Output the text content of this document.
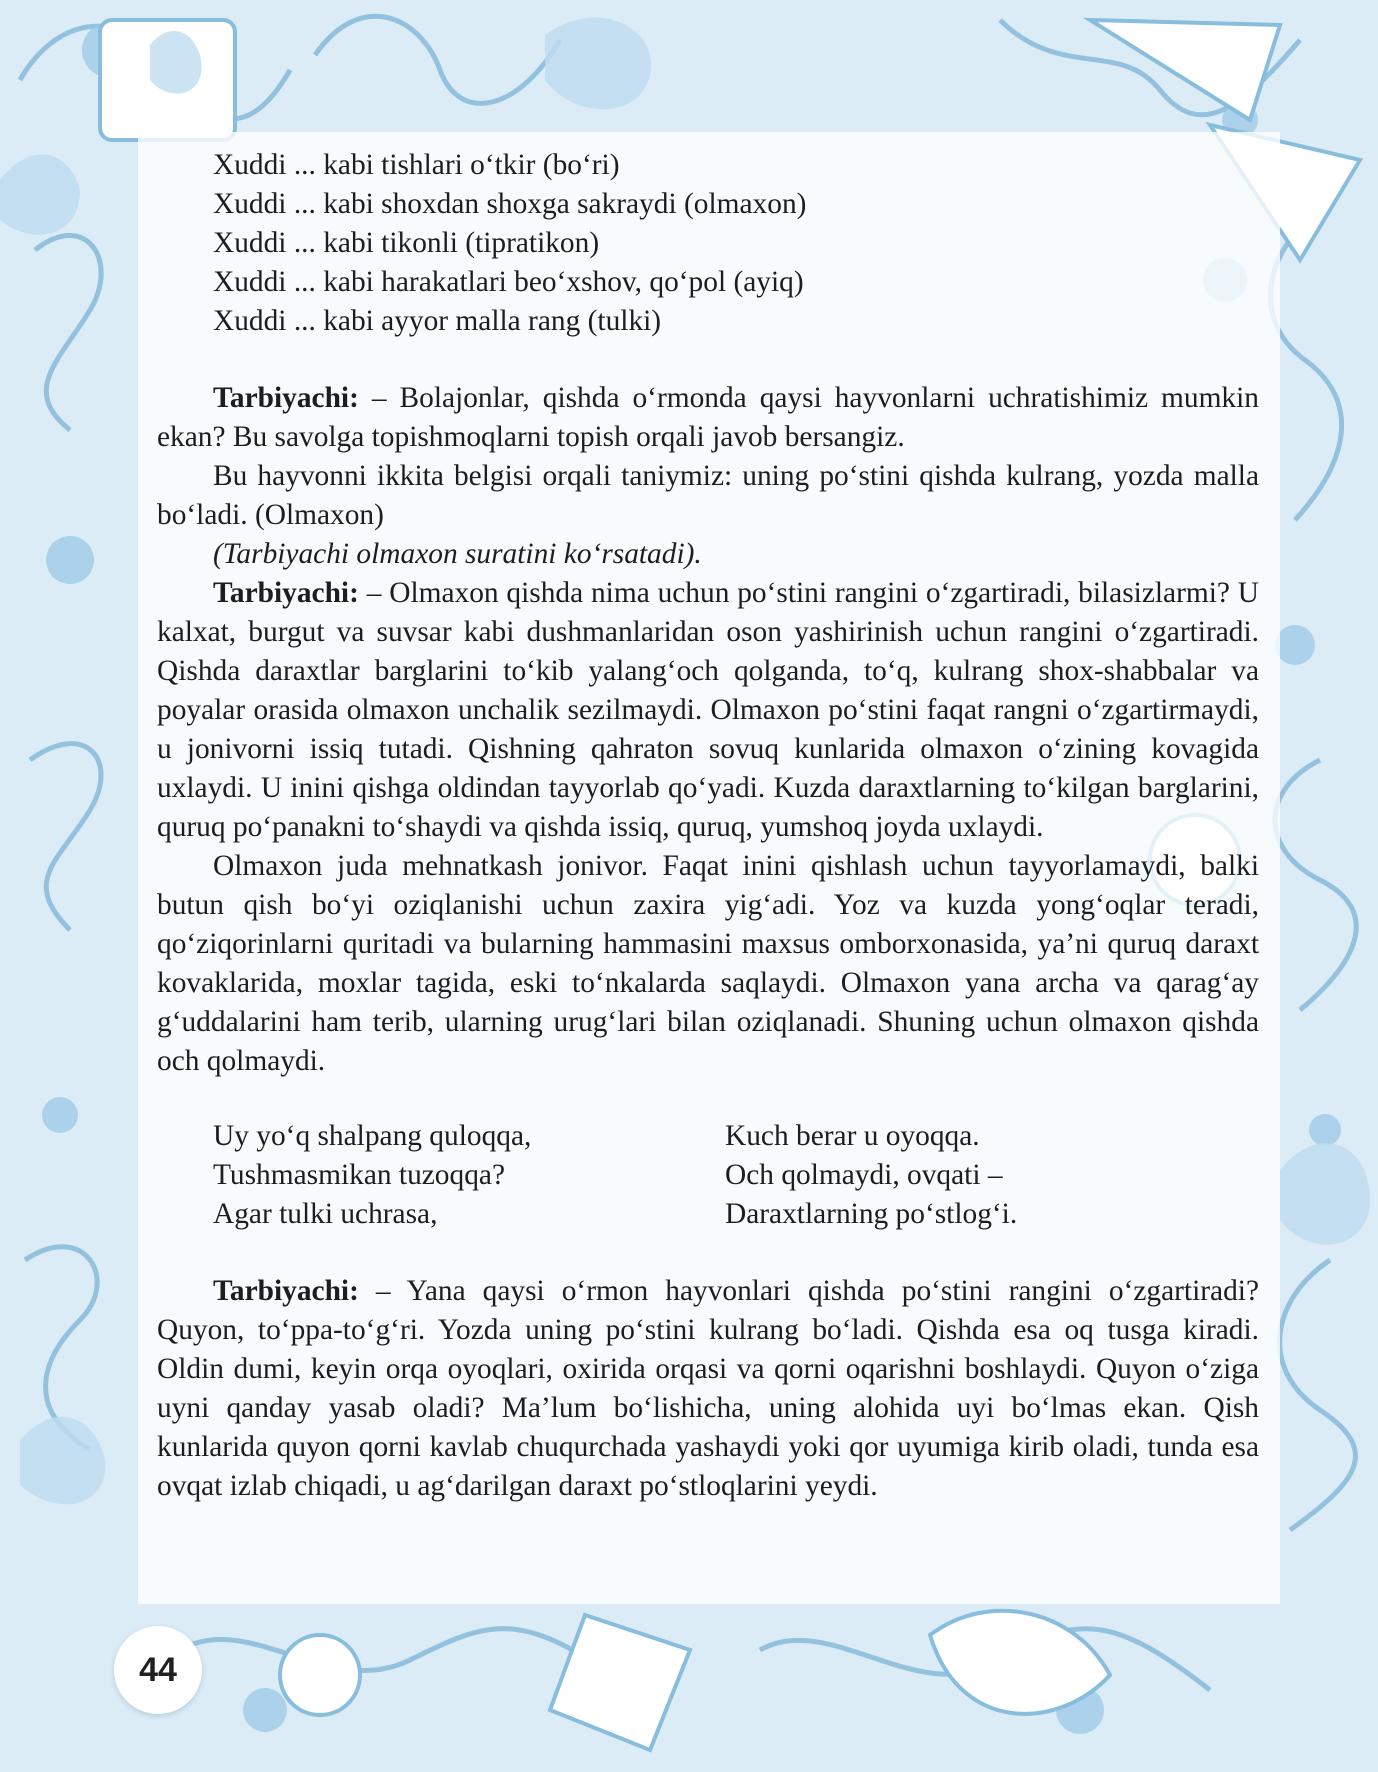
Xuddi ... kabi tishlari o‘tkir (bo‘ri)
Xuddi ... kabi shoxdan shoxga sakraydi (olmaxon)
Xuddi ... kabi tikonli (tipratikon)
Xuddi ... kabi harakatlari beo‘xshov, qo‘pol (ayiq)
Xuddi ... kabi ayyor malla rang (tulki)

Tarbiyachi: – Bolajonlar, qishda o‘rmonda qaysi hayvonlarni uchratishimiz mumkin ekan? Bu savolga topishmoqlarni topish orqali javob bersangiz.

Bu hayvonni ikkita belgisi orqali taniymiz: uning po‘stini qishda kulrang, yozda malla bo‘ladi. (Olmaxon)

(Tarbiyachi olmaxon suratini ko‘rsatadi).

Tarbiyachi: – Olmaxon qishda nima uchun po‘stini rangini o‘zgartiradi, bilasizlarmi? U kalxat, burgut va suvsar kabi dushmanlaridan oson yashirinish uchun rangini o‘zgartiradi. Qishda daraxtlar barglarini to‘kib yalang‘och qolganda, to‘q, kulrang shox-shabbalar va poyalar orasida olmaxon unchalik sezilmaydi. Olmaxon po‘stini faqat rangni o‘zgartirmaydi, u jonivorni issiq tutadi. Qishning qahraton sovuq kunlarida olmaxon o‘zining kovagida uxlaydi. U inini qishga oldindan tayyorlab qo‘yadi. Kuzda daraxtlarning to‘kilgan barglarini, quruq po‘panakni to‘shaydi va qishda issiq, quruq, yumshoq joyda uxlaydi.

Olmaxon juda mehnatkash jonivor. Faqat inini qishlash uchun tayyorlamaydi, balki butun qish bo‘yi oziqlanishi uchun zaxira yig‘adi. Yoz va kuzda yong‘oqlar teradi, qo‘ziqorinlarni quritadi va bularning hammasini maxsus omborxonasida, ya’ni quruq daraxt kovaklarida, moxlar tagida, eski to‘nkalarda saqlaydi. Olmaxon yana archa va qarag‘ay g‘uddalarini ham terib, ularning urug‘lari bilan oziqlanadi. Shuning uchun olmaxon qishda och qolmaydi.

Uy yo‘q shalpang quloqqa,
Tushmasmikan tuzoqqa?
Agar tulki uchrasa,
Kuch berar u oyoqqa.
Och qolmaydi, ovqati –
Daraxtlarning po‘stlog‘i.

Tarbiyachi: – Yana qaysi o‘rmon hayvonlari qishda po‘stini rangini o‘zgartiradi? Quyon, to‘ppa-to‘g‘ri. Yozda uning po‘stini kulrang bo‘ladi. Qishda esa oq tusga kiradi. Oldin dumi, keyin orqa oyoqlari, oxirida orqasi va qorni oqarishni boshlaydi. Quyon o‘ziga uyni qanday yasab oladi? Ma’lum bo‘lishicha, uning alohida uyi bo‘lmas ekan. Qish kunlarida quyon qorni kavlab chuqurchada yashaydi yoki qor uyumiga kirib oladi, tunda esa ovqat izlab chiqadi, u ag‘darilgan daraxt po‘stloqlarini yeydi.

44
